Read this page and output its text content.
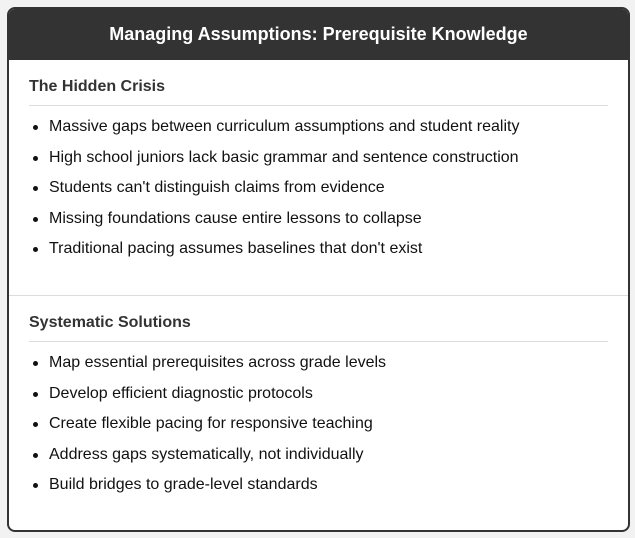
Managing Assumptions: Prerequisite Knowledge
The Hidden Crisis
Massive gaps between curriculum assumptions and student reality
High school juniors lack basic grammar and sentence construction
Students can't distinguish claims from evidence
Missing foundations cause entire lessons to collapse
Traditional pacing assumes baselines that don't exist
Systematic Solutions
Map essential prerequisites across grade levels
Develop efficient diagnostic protocols
Create flexible pacing for responsive teaching
Address gaps systematically, not individually
Build bridges to grade-level standards
